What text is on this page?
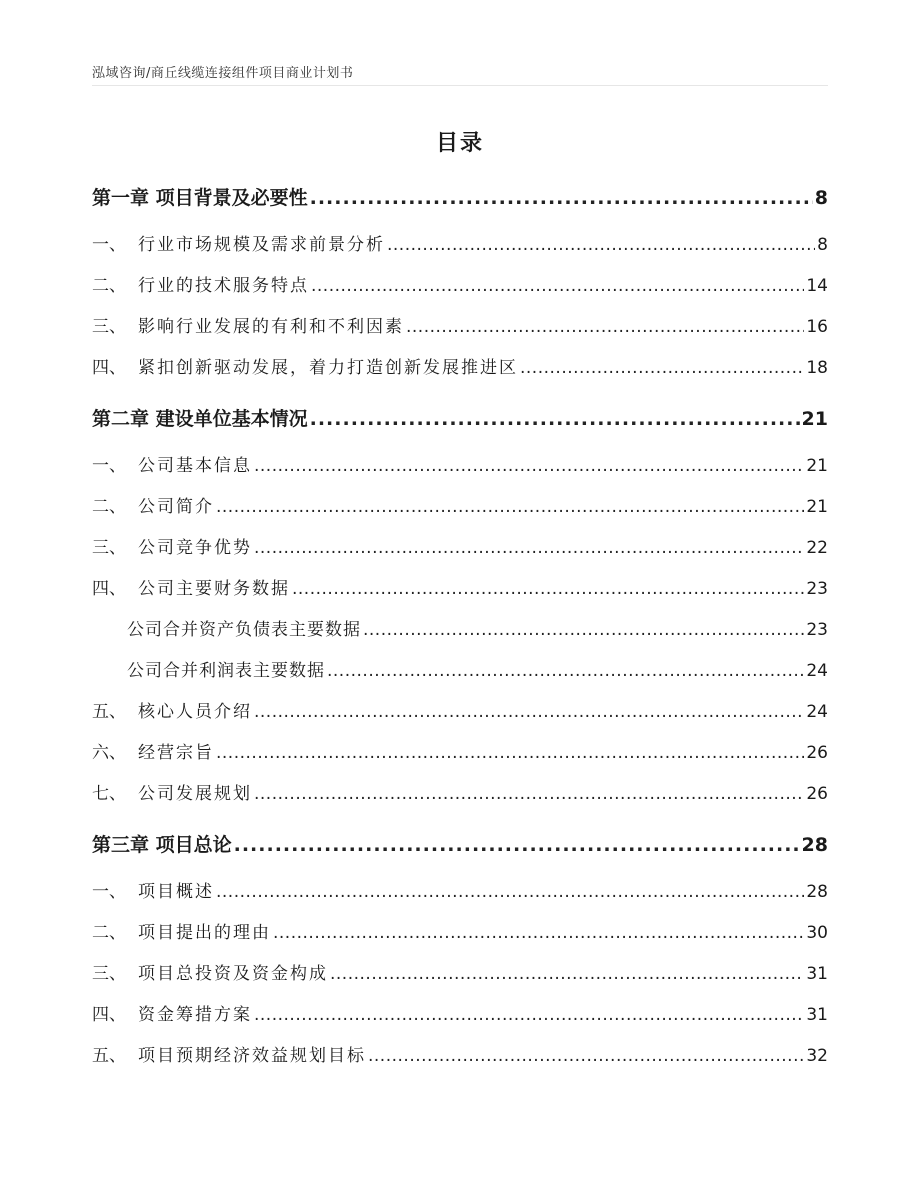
泓域咨询/商丘线缆连接组件项目商业计划书
目录
第一章 项目背景及必要性 .....	8
一、 行业市场规模及需求前景分析 .....	8
二、 行业的技术服务特点 .....	14
三、 影响行业发展的有利和不利因素 .....	16
四、 紧扣创新驱动发展，着力打造创新发展推进区 .....	18
第二章 建设单位基本情况 .....	21
一、 公司基本信息 .....	21
二、 公司简介 .....	21
三、 公司竞争优势 .....	22
四、 公司主要财务数据 .....	23
公司合并资产负债表主要数据 .....	23
公司合并利润表主要数据 .....	24
五、 核心人员介绍 .....	24
六、 经营宗旨 .....	26
七、 公司发展规划 .....	26
第三章 项目总论 .....	28
一、 项目概述 .....	28
二、 项目提出的理由 .....	30
三、 项目总投资及资金构成 .....	31
四、 资金筹措方案 .....	31
五、 项目预期经济效益规划目标 .....	32
